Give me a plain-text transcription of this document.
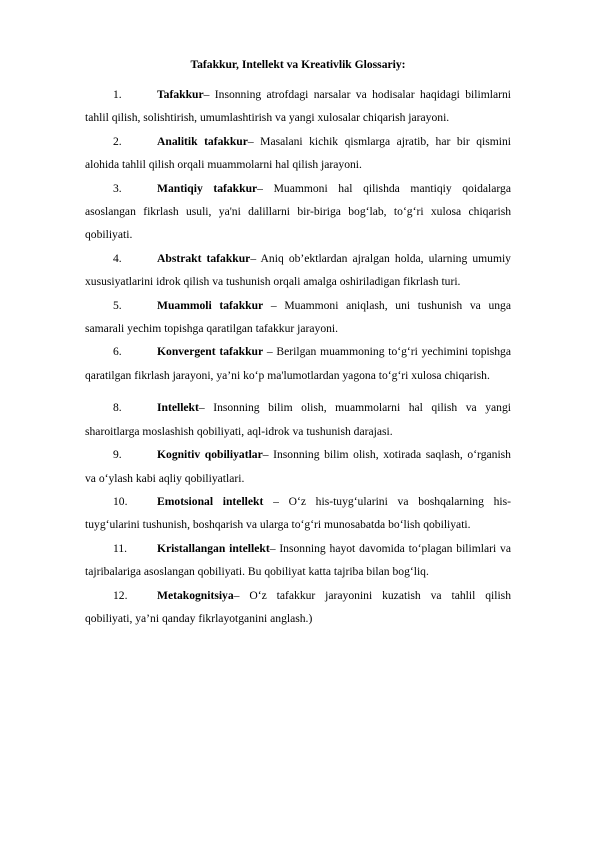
Tafakkur, Intellekt va Kreativlik Glossariy:

1.	Tafakkur– Insonning atrofdagi narsalar va hodisalar haqidagi bilimlarni tahlil qilish, solishtirish, umumlashtirish va yangi xulosalar chiqarish jarayoni.

2.	Analitik tafakkur– Masalani kichik qismlarga ajratib, har bir qismini alohida tahlil qilish orqali muammolarni hal qilish jarayoni.

3.	Mantiqiy tafakkur– Muammoni hal qilishda mantiqiy qoidalarga asoslangan fikrlash usuli, ya'ni dalillarni bir-biriga bog‘lab, to‘g‘ri xulosa chiqarish qobiliyati.

4.	Abstrakt tafakkur– Aniq ob’ektlardan ajralgan holda, ularning umumiy xususiyatlarini idrok qilish va tushunish orqali amalga oshiriladigan fikrlash turi.

5.	Muammoli tafakkur – Muammoni aniqlash, uni tushunish va unga samarali yechim topishga qaratilgan tafakkur jarayoni.

6.	Konvergent tafakkur – Berilgan muammoning to‘g‘ri yechimini topishga qaratilgan fikrlash jarayoni, ya’ni ko‘p ma'lumotlardan yagona to‘g‘ri xulosa chiqarish.

8.	Intellekt– Insonning bilim olish, muammolarni hal qilish va yangi sharoitlarga moslashish qobiliyati, aql-idrok va tushunish darajasi.

9.	Kognitiv qobiliyatlar– Insonning bilim olish, xotirada saqlash, o‘rganish va o‘ylash kabi aqliy qobiliyatlari.

10.	Emotsional intellekt – O‘z his-tuyg‘ularini va boshqalarning his-tuyg‘ularini tushunish, boshqarish va ularga to‘g‘ri munosabatda bo‘lish qobiliyati.

11.	Kristallangan intellekt– Insonning hayot davomida to‘plagan bilimlari va tajribalariga asoslangan qobiliyati. Bu qobiliyat katta tajriba bilan bog‘liq.

12.	Metakognitsiya– O‘z tafakkur jarayonini kuzatish va tahlil qilish qobiliyati, ya’ni qanday fikrlayotganini anglash.)
